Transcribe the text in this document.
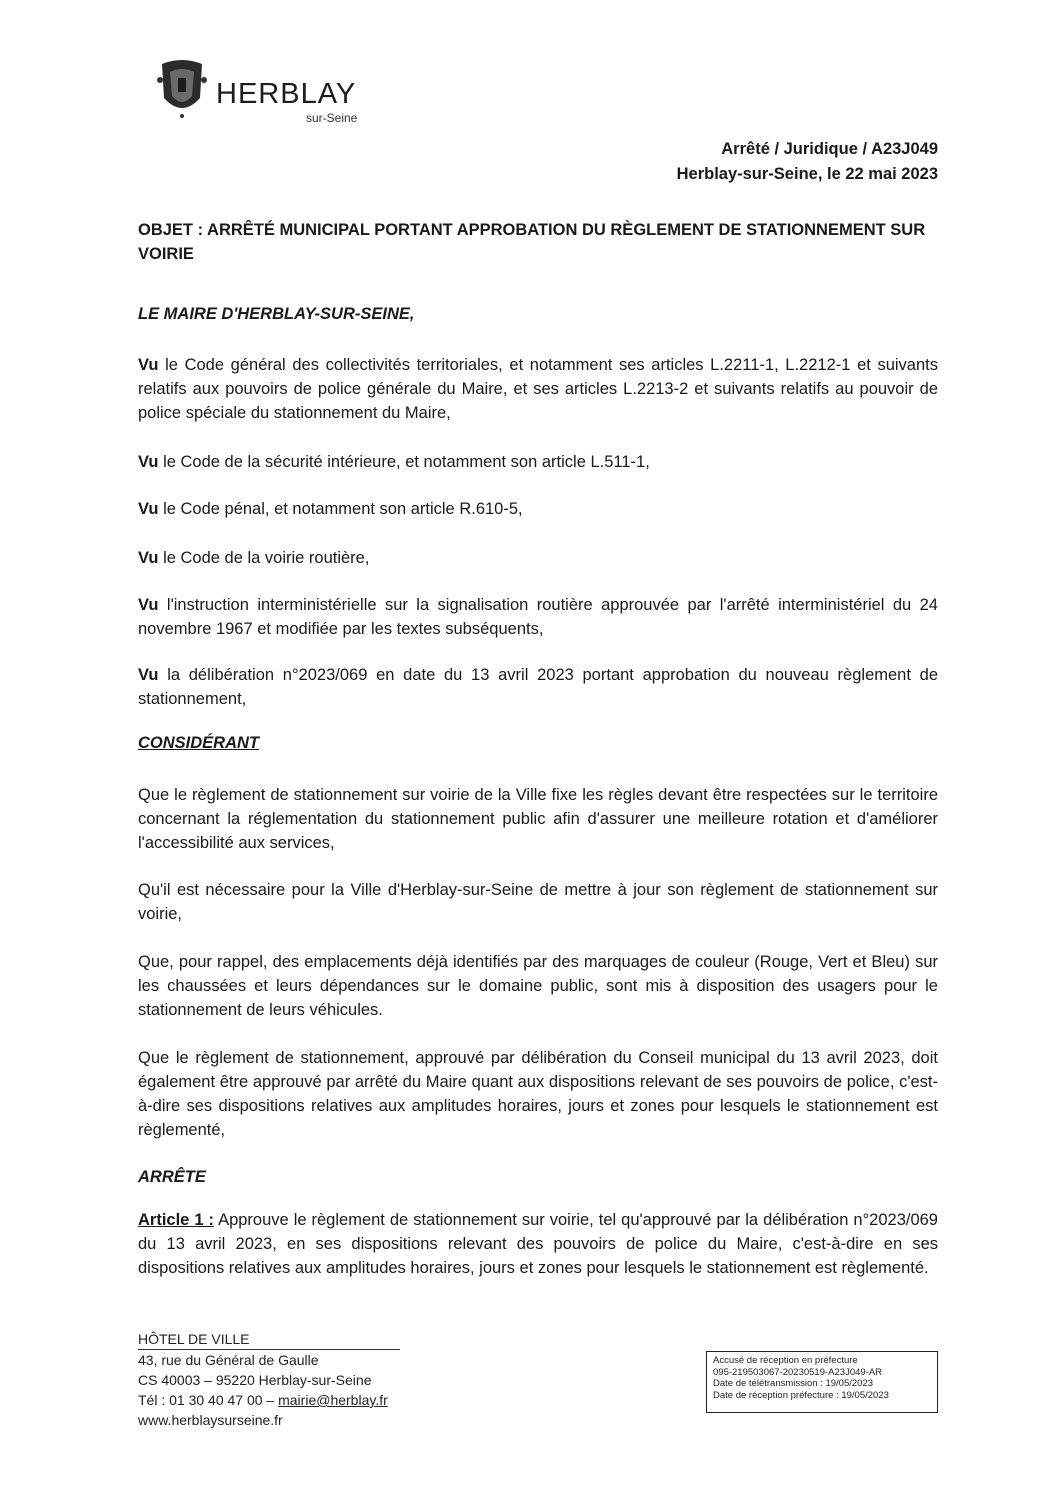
HERBLAY
sur-Seine
Arrêté / Juridique / A23J049
Herblay-sur-Seine, le 22 mai 2023
OBJET : ARRÊTÉ MUNICIPAL PORTANT APPROBATION DU RÈGLEMENT DE STATIONNEMENT SUR VOIRIE
LE MAIRE D'HERBLAY-SUR-SEINE,
Vu le Code général des collectivités territoriales, et notamment ses articles L.2211-1, L.2212-1 et suivants relatifs aux pouvoirs de police générale du Maire, et ses articles L.2213-2 et suivants relatifs au pouvoir de police spéciale du stationnement du Maire,
Vu le Code de la sécurité intérieure, et notamment son article L.511-1,
Vu le Code pénal, et notamment son article R.610-5,
Vu le Code de la voirie routière,
Vu l'instruction interministérielle sur la signalisation routière approuvée par l'arrêté interministériel du 24 novembre 1967 et modifiée par les textes subséquents,
Vu la délibération n°2023/069 en date du 13 avril 2023 portant approbation du nouveau règlement de stationnement,
CONSIDÉRANT
Que le règlement de stationnement sur voirie de la Ville fixe les règles devant être respectées sur le territoire concernant la réglementation du stationnement public afin d'assurer une meilleure rotation et d'améliorer l'accessibilité aux services,
Qu'il est nécessaire pour la Ville d'Herblay-sur-Seine de mettre à jour son règlement de stationnement sur voirie,
Que, pour rappel, des emplacements déjà identifiés par des marquages de couleur (Rouge, Vert et Bleu) sur les chaussées et leurs dépendances sur le domaine public, sont mis à disposition des usagers pour le stationnement de leurs véhicules.
Que le règlement de stationnement, approuvé par délibération du Conseil municipal du 13 avril 2023, doit également être approuvé par arrêté du Maire quant aux dispositions relevant de ses pouvoirs de police, c'est-à-dire ses dispositions relatives aux amplitudes horaires, jours et zones pour lesquels le stationnement est règlementé,
ARRÊTE
Article 1 : Approuve le règlement de stationnement sur voirie, tel qu'approuvé par la délibération n°2023/069 du 13 avril 2023, en ses dispositions relevant des pouvoirs de police du Maire, c'est-à-dire en ses dispositions relatives aux amplitudes horaires, jours et zones pour lesquels le stationnement est règlementé.
HÔTEL DE VILLE
43, rue du Général de Gaulle
CS 40003 – 95220 Herblay-sur-Seine
Tél : 01 30 40 47 00 – mairie@herblay.fr
www.herblaysurseine.fr
Accusé de réception en préfecture
095-219503067-20230519-A23J049-AR
Date de télétransmission : 19/05/2023
Date de réception préfecture : 19/05/2023
